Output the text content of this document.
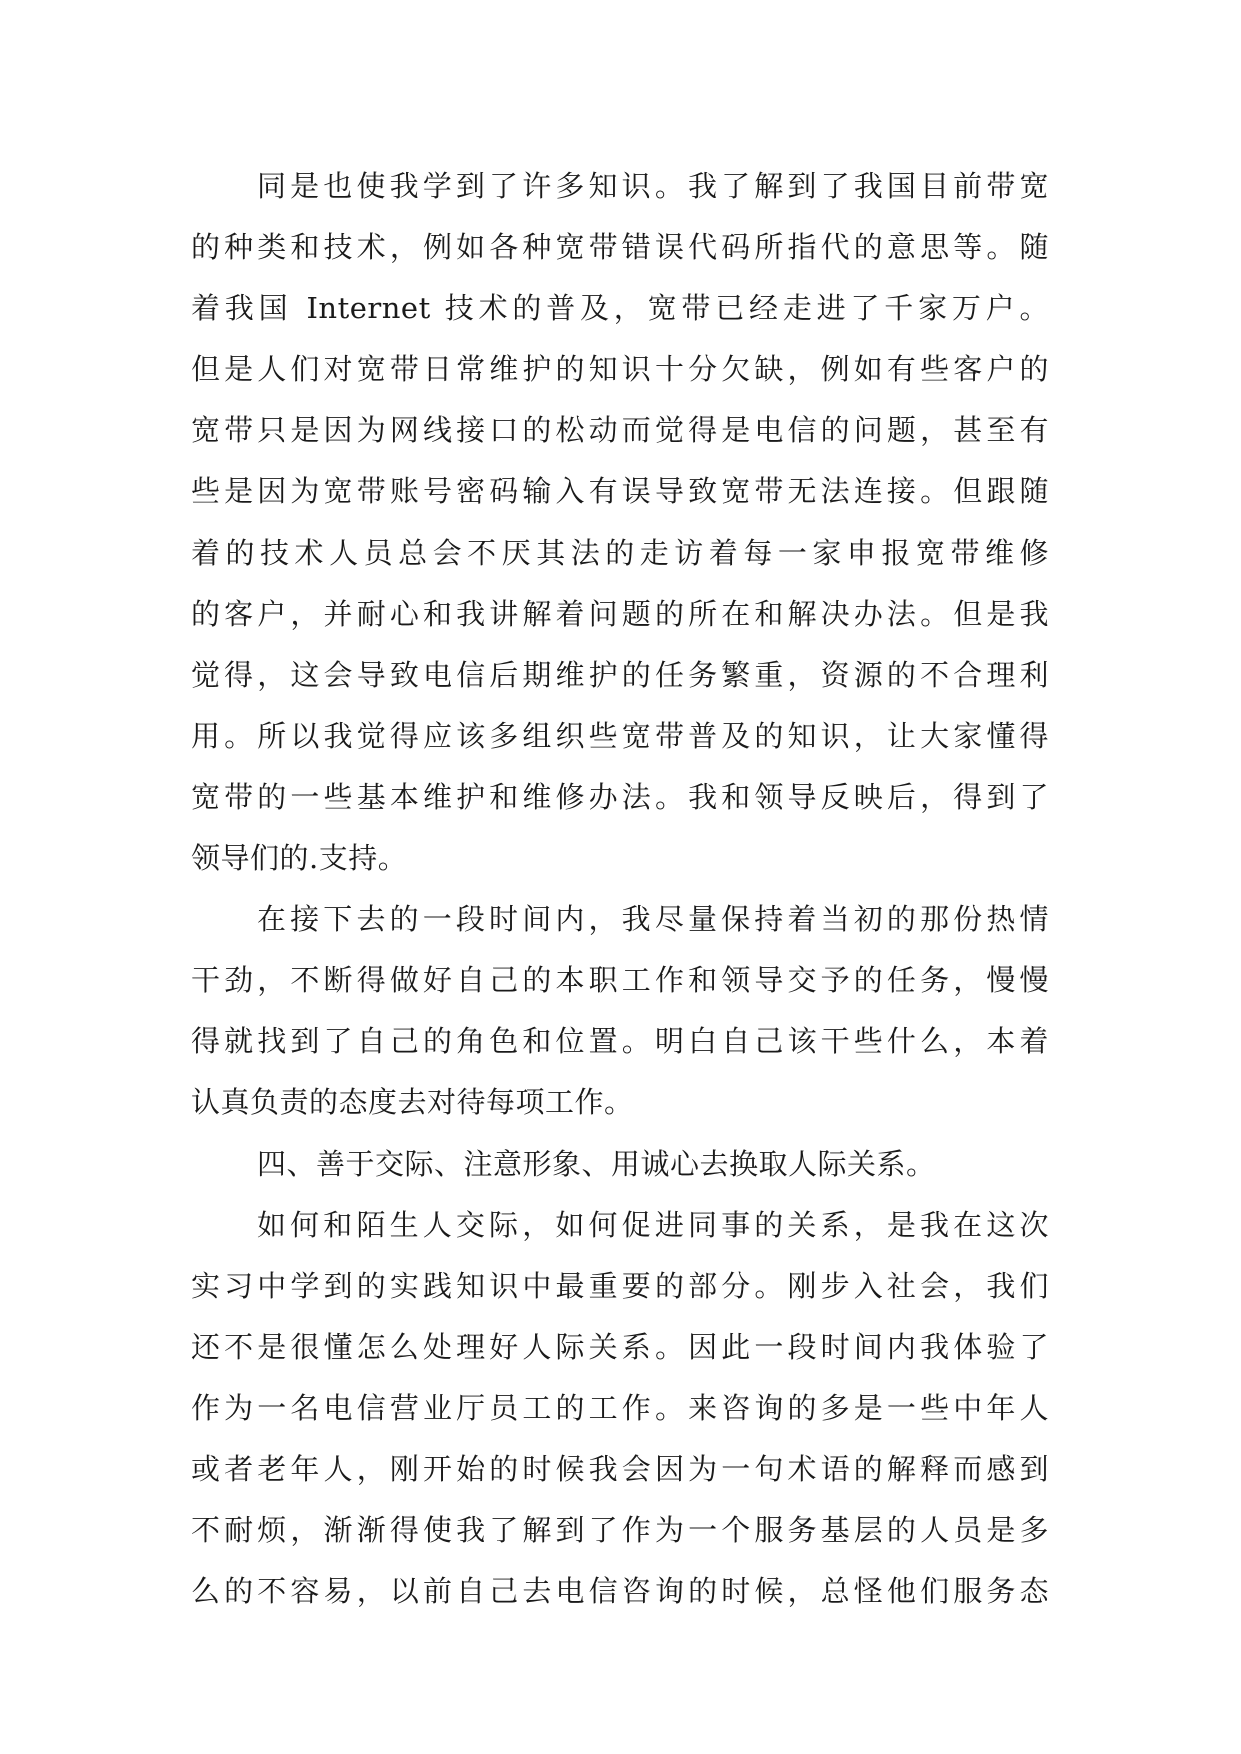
同是也使我学到了许多知识。我了解到了我国目前带宽
的种类和技术，例如各种宽带错误代码所指代的意思等。随
着我国 Internet 技术的普及，宽带已经走进了千家万户。
但是人们对宽带日常维护的知识十分欠缺，例如有些客户的
宽带只是因为网线接口的松动而觉得是电信的问题，甚至有
些是因为宽带账号密码输入有误导致宽带无法连接。但跟随
着的技术人员总会不厌其法的走访着每一家申报宽带维修
的客户，并耐心和我讲解着问题的所在和解决办法。但是我
觉得，这会导致电信后期维护的任务繁重，资源的不合理利
用。所以我觉得应该多组织些宽带普及的知识，让大家懂得
宽带的一些基本维护和维修办法。我和领导反映后，得到了
领导们的.支持。
在接下去的一段时间内，我尽量保持着当初的那份热情
干劲，不断得做好自己的本职工作和领导交予的任务，慢慢
得就找到了自己的角色和位置。明白自己该干些什么，本着
认真负责的态度去对待每项工作。
四、善于交际、注意形象、用诚心去换取人际关系。
如何和陌生人交际，如何促进同事的关系，是我在这次
实习中学到的实践知识中最重要的部分。刚步入社会，我们
还不是很懂怎么处理好人际关系。因此一段时间内我体验了
作为一名电信营业厅员工的工作。来咨询的多是一些中年人
或者老年人，刚开始的时候我会因为一句术语的解释而感到
不耐烦，渐渐得使我了解到了作为一个服务基层的人员是多
么的不容易，以前自己去电信咨询的时候，总怪他们服务态
